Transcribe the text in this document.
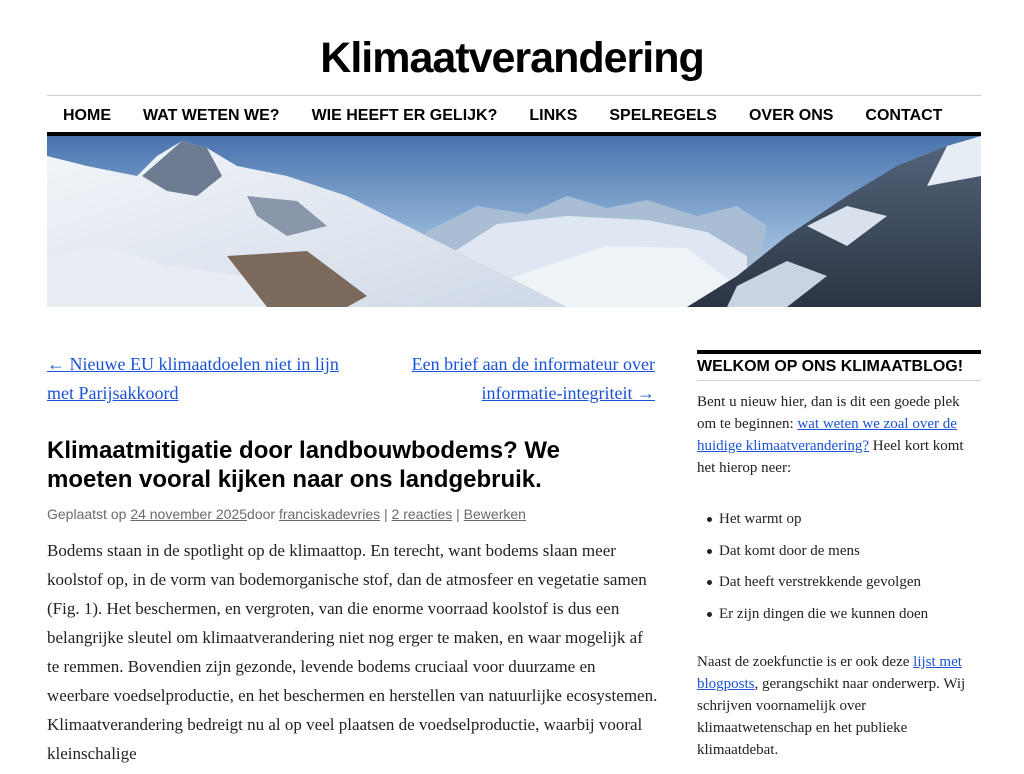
Klimaatverandering
HOME	WAT WETEN WE?	WIE HEEFT ER GELIJK?	LINKS	SPELREGELS	OVER ONS	CONTACT
← Nieuwe EU klimaatdoelen niet in lijn met Parijsakkoord
Een brief aan de informateur over informatie-integriteit →
Klimaatmitigatie door landbouwbodems? We moeten vooral kijken naar ons landgebruik.
Geplaatst op 24 november 2025door franciskadevries | 2 reacties | Bewerken

Bodems staan in de spotlight op de klimaattop. En terecht, want bodems slaan meer koolstof op, in de vorm van bodemorganische stof, dan de atmosfeer en vegetatie samen (Fig. 1). Het beschermen, en vergroten, van die enorme voorraad koolstof is dus een belangrijke sleutel om klimaatverandering niet nog erger te maken, en waar mogelijk af te remmen. Bovendien zijn gezonde, levende bodems cruciaal voor duurzame en weerbare voedselproductie, en het beschermen en herstellen van natuurlijke ecosystemen. Klimaatverandering bedreigt nu al op veel plaatsen de voedselproductie, waarbij vooral kleinschalige

WELKOM OP ONS KLIMAATBLOG!

Bent u nieuw hier, dan is dit een goede plek om te beginnen: wat weten we zoal over de huidige klimaatverandering? Heel kort komt het hierop neer:

Het warmt op
Dat komt door de mens
Dat heeft verstrekkende gevolgen
Er zijn dingen die we kunnen doen

Naast de zoekfunctie is er ook deze lijst met blogposts, gerangschikt naar onderwerp. Wij schrijven voornamelijk over klimaatwetenschap en het publieke klimaatdebat.
